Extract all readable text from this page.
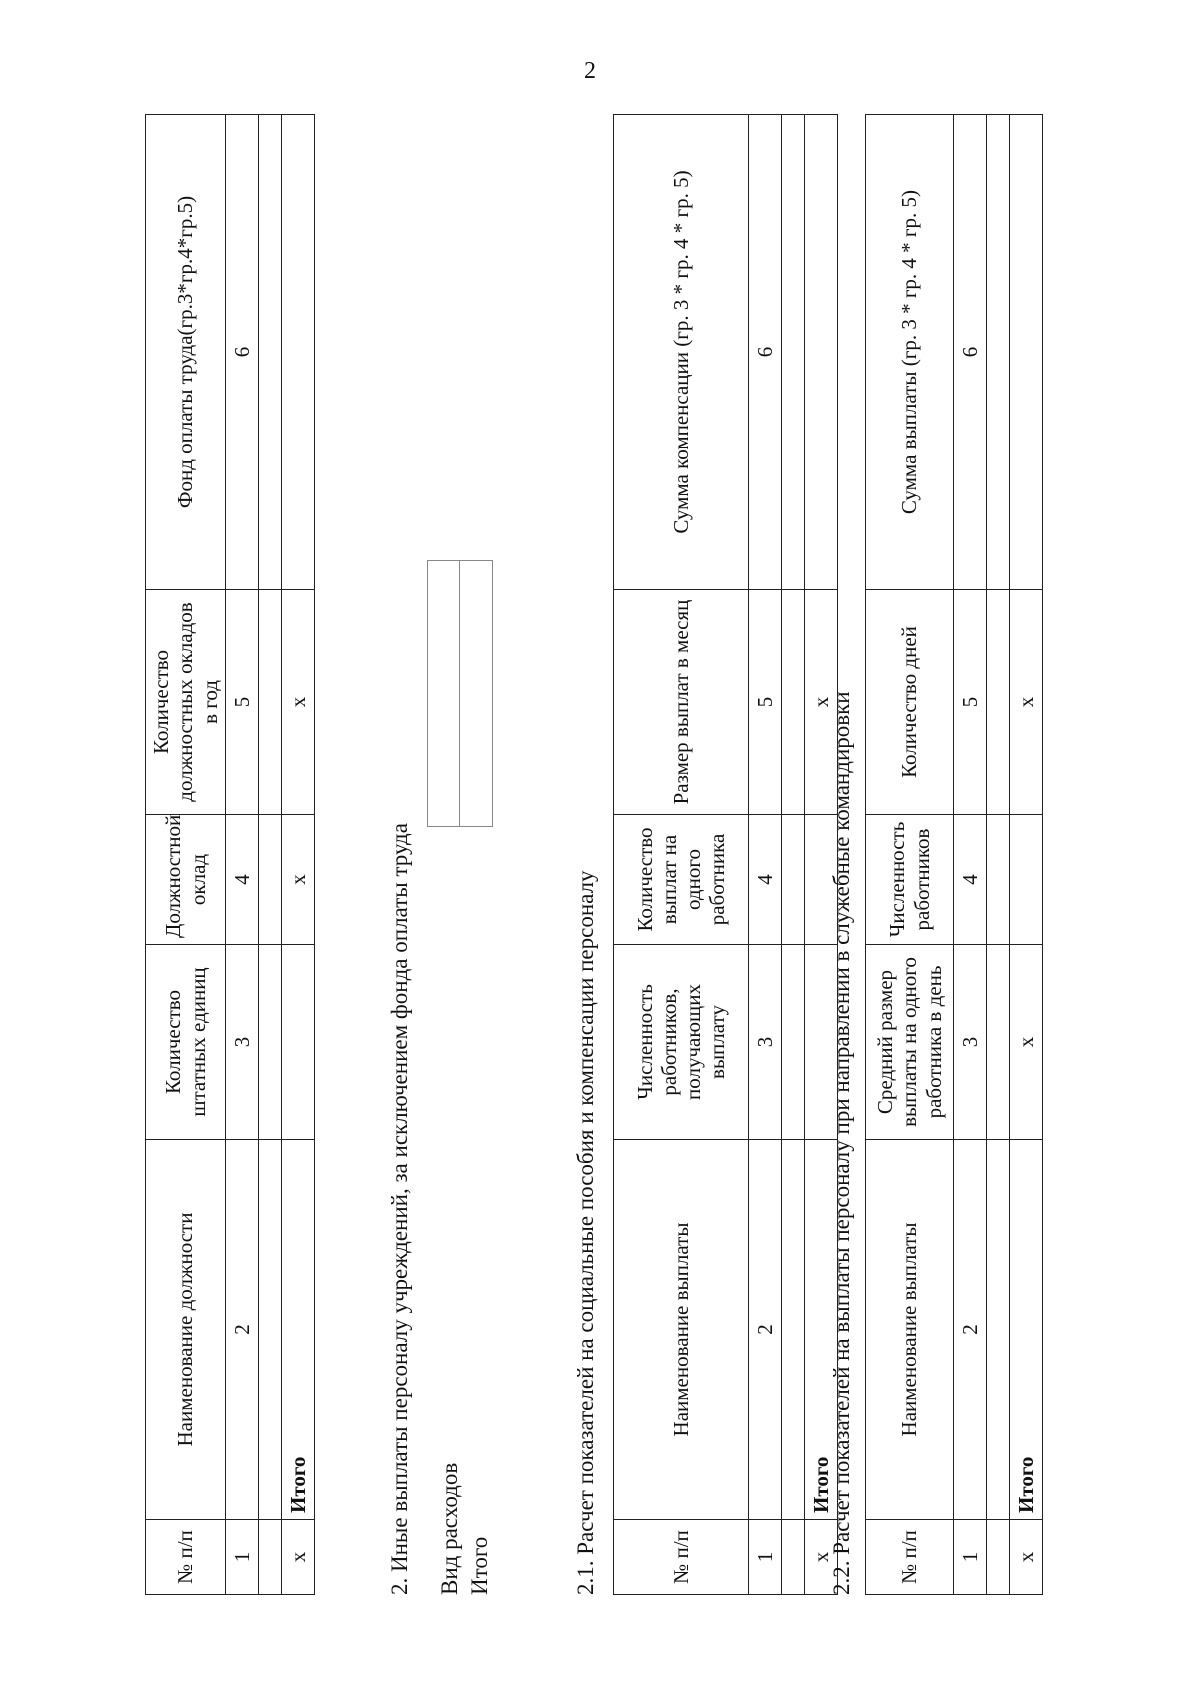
2
№ п/п	Наименование должности	Количество штатных единиц	Должностной оклад	Количество должностных окладов в год	Фонд оплаты труда(гр.3*гр.4*гр.5)
1	2	3	4	5	6

х	Итого		х	х	
2. Иные выплаты персоналу учреждений, за исключением фонда оплаты труда Вид расходов Итого	2.1. Расчет показателей на социальные пособия и компенсации персоналу	№ п/п	Наименование выплаты	Численность работников, получающих выплату	Количество выплат на одного работника	Размер выплат в месяц	Сумма компенсации (гр. 3 * гр. 4 * гр. 5)
1	2	3	4	5	6

х	Итого			х	
2.2. Расчет показателей на выплаты персоналу при направлении в служебные командировки № п/п	Наименование выплаты	Средний размер выплаты на одного работника в день	Численность работников	Количество дней	Сумма выплаты (гр. 3 * гр. 4 * гр. 5)
1	2	3	4	5	6

х	Итого	х		х	
